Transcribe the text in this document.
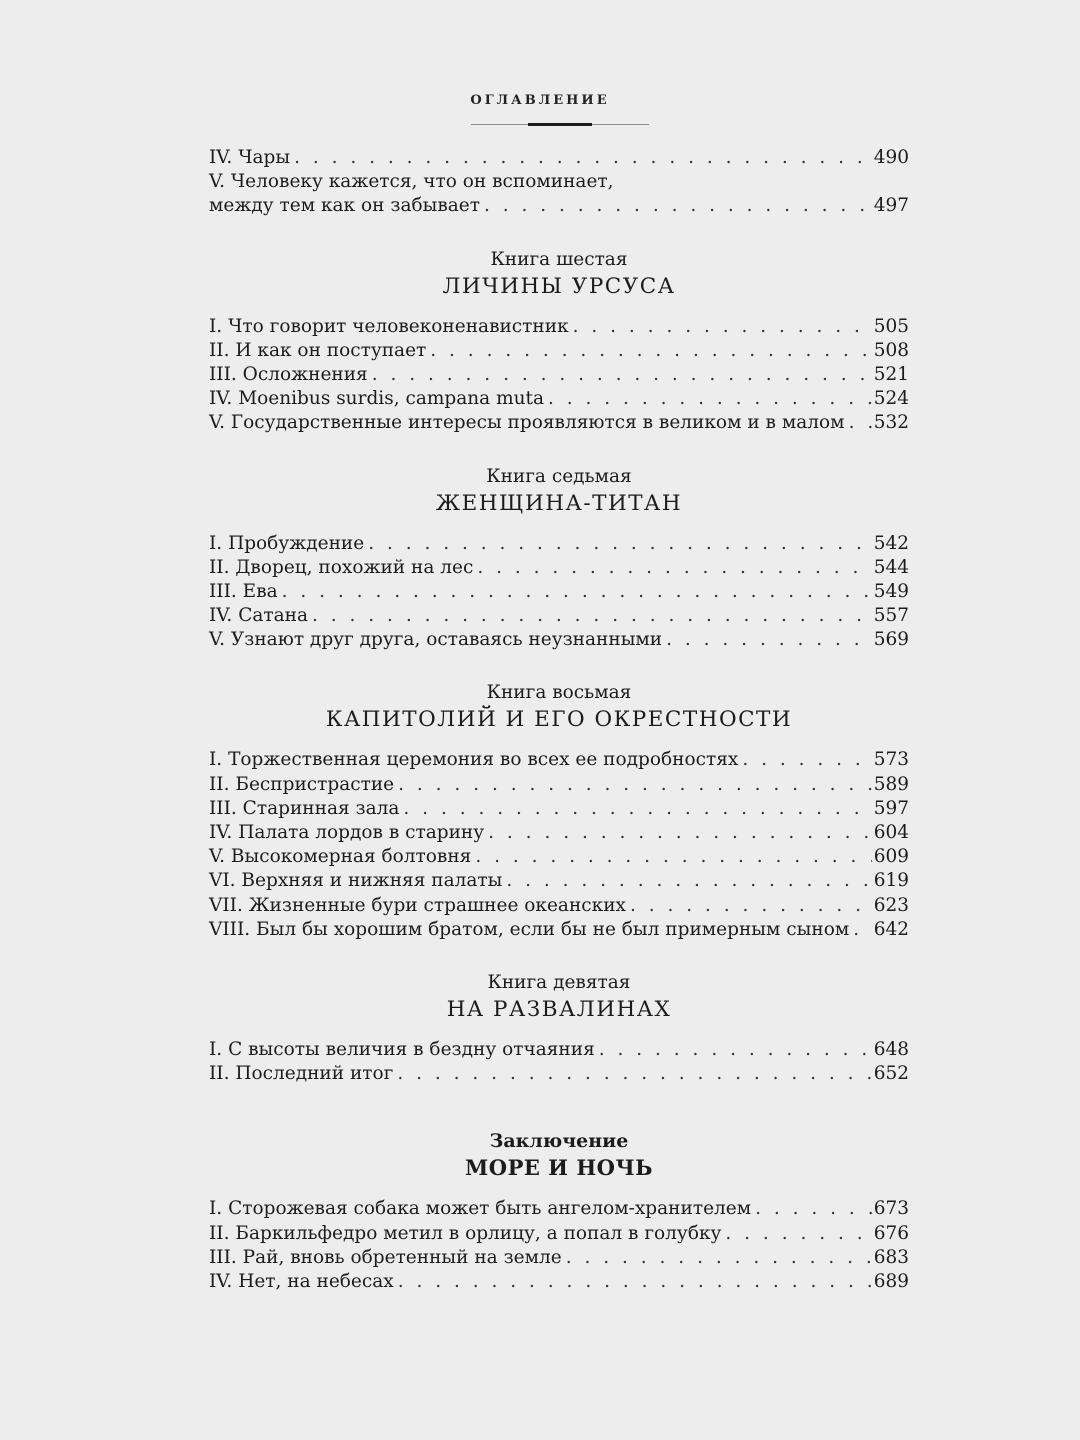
ОГЛАВЛЕНИЕ
IV. Чары . . .	490
V. Человеку кажется, что он вспоминает,
между тем как он забывает . . .	497
Книга шестая
ЛИЧИНЫ УРСУСА
I. Что говорит человеконенавистник . . .	505
II. И как он поступает . . .	508
III. Осложнения . . .	521
IV. Moenibus surdis, campana muta . . .	524
V. Государственные интересы проявляются в великом и в малом . . . 532
Книга седьмая
ЖЕНЩИНА-ТИТАН
I. Пробуждение . . .	542
II. Дворец, похожий на лес . . .	544
III. Ева . . .	549
IV. Сатана . . .	557
V. Узнают друг друга, оставаясь неузнанными . . .	569
Книга восьмая
КАПИТОЛИЙ И ЕГО ОКРЕСТНОСТИ
I. Торжественная церемония во всех ее подробностях . . .	573
II. Беспристрастие . . .	589
III. Старинная зала . . .	597
IV. Палата лордов в старину . . .	604
V. Высокомерная болтовня . . .	609
VI. Верхняя и нижняя палаты . . .	619
VII. Жизненные бури страшнее океанских . . .	623
VIII. Был бы хорошим братом, если бы не был примерным сыном . . . 642
Книга девятая
НА РАЗВАЛИНАХ
I. С высоты величия в бездну отчаяния . . .	648
II. Последний итог . . .	652
Заключение
МОРЕ И НОЧЬ
I. Сторожевая собака может быть ангелом-хранителем . . .	673
II. Баркильфедро метил в орлицу, а попал в голубку . . .	676
III. Рай, вновь обретенный на земле . . .	683
IV. Нет, на небесах . . .	689
